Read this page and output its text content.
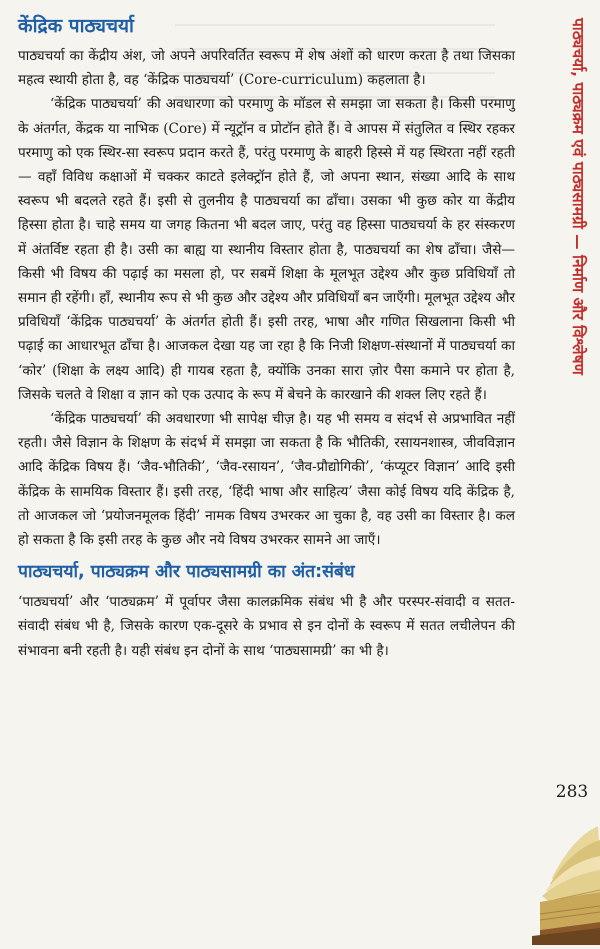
केंद्रिक पाठ्यचर्या

पाठ्यचर्या का केंद्रीय अंश, जो अपने अपरिवर्तित स्वरूप में शेष अंशों को धारण करता है तथा जिसका महत्व स्थायी होता है, वह ‘केंद्रिक पाठ्यचर्या’ (Core-curriculum) कहलाता है।

‘केंद्रिक पाठ्यचर्या’ की अवधारणा को परमाणु के मॉडल से समझा जा सकता है। किसी परमाणु के अंतर्गत, केंद्रक या नाभिक (Core) में न्यूट्रॉन व प्रोटॉन होते हैं। वे आपस में संतुलित व स्थिर रहकर परमाणु को एक स्थिर-सा स्वरूप प्रदान करते हैं, परंतु परमाणु के बाहरी हिस्से में यह स्थिरता नहीं रहती— वहाँ विविध कक्षाओं में चक्कर काटते इलेक्ट्रॉन होते हैं, जो अपना स्थान, संख्या आदि के साथ स्वरूप भी बदलते रहते हैं। इसी से तुलनीय है पाठ्यचर्या का ढाँचा। उसका भी कुछ कोर या केंद्रीय हिस्सा होता है। चाहे समय या जगह कितना भी बदल जाए, परंतु वह हिस्सा पाठ्यचर्या के हर संस्करण में अंतर्विष्ट रहता ही है। उसी का बाह्य या स्थानीय विस्तार होता है, पाठ्यचर्या का शेष ढाँचा। जैसे— किसी भी विषय की पढ़ाई का मसला हो, पर सबमें शिक्षा के मूलभूत उद्देश्य और कुछ प्रविधियाँ तो समान ही रहेंगी। हाँ, स्थानीय रूप से भी कुछ और उद्देश्य और प्रविधियाँ बन जाएँगी। मूलभूत उद्देश्य और प्रविधियाँ ‘केंद्रिक पाठ्यचर्या’ के अंतर्गत होती हैं। इसी तरह, भाषा और गणित सिखलाना किसी भी पढ़ाई का आधारभूत ढाँचा है। आजकल देखा यह जा रहा है कि निजी शिक्षण-संस्थानों में पाठ्यचर्या का ‘कोर’ (शिक्षा के लक्ष्य आदि) ही गायब रहता है, क्योंकि उनका सारा ज़ोर पैसा कमाने पर होता है, जिसके चलते वे शिक्षा व ज्ञान को एक उत्पाद के रूप में बेचने के कारखाने की शक्ल लिए रहते हैं।

‘केंद्रिक पाठ्यचर्या’ की अवधारणा भी सापेक्ष चीज़ है। यह भी समय व संदर्भ से अप्रभावित नहीं रहती। जैसे विज्ञान के शिक्षण के संदर्भ में समझा जा सकता है कि भौतिकी, रसायनशास्त्र, जीवविज्ञान आदि केंद्रिक विषय हैं। ‘जैव-भौतिकी’, ‘जैव-रसायन’, ‘जैव-प्रौद्योगिकी’, ‘कंप्यूटर विज्ञान’ आदि इसी केंद्रिक के सामयिक विस्तार हैं। इसी तरह, ‘हिंदी भाषा और साहित्य’ जैसा कोई विषय यदि केंद्रिक है, तो आजकल जो ‘प्रयोजनमूलक हिंदी’ नामक विषय उभरकर आ चुका है, वह उसी का विस्तार है। कल हो सकता है कि इसी तरह के कुछ और नये विषय उभरकर सामने आ जाएँ।

पाठ्यचर्या, पाठ्यक्रम और पाठ्यसामग्री का अंत:संबंध

‘पाठ्यचर्या’ और ‘पाठ्यक्रम’ में पूर्वापर जैसा कालक्रमिक संबंध भी है और परस्पर-संवादी व सतत-संवादी संबंध भी है, जिसके कारण एक-दूसरे के प्रभाव से इन दोनों के स्वरूप में सतत लचीलेपन की संभावना बनी रहती है। यही संबंध इन दोनों के साथ ‘पाठ्यसामग्री’ का भी है।

पाठ्यचर्या, पाठ्यक्रम एवं पाठ्यसामग्री — निर्माण और विश्लेषण
283
